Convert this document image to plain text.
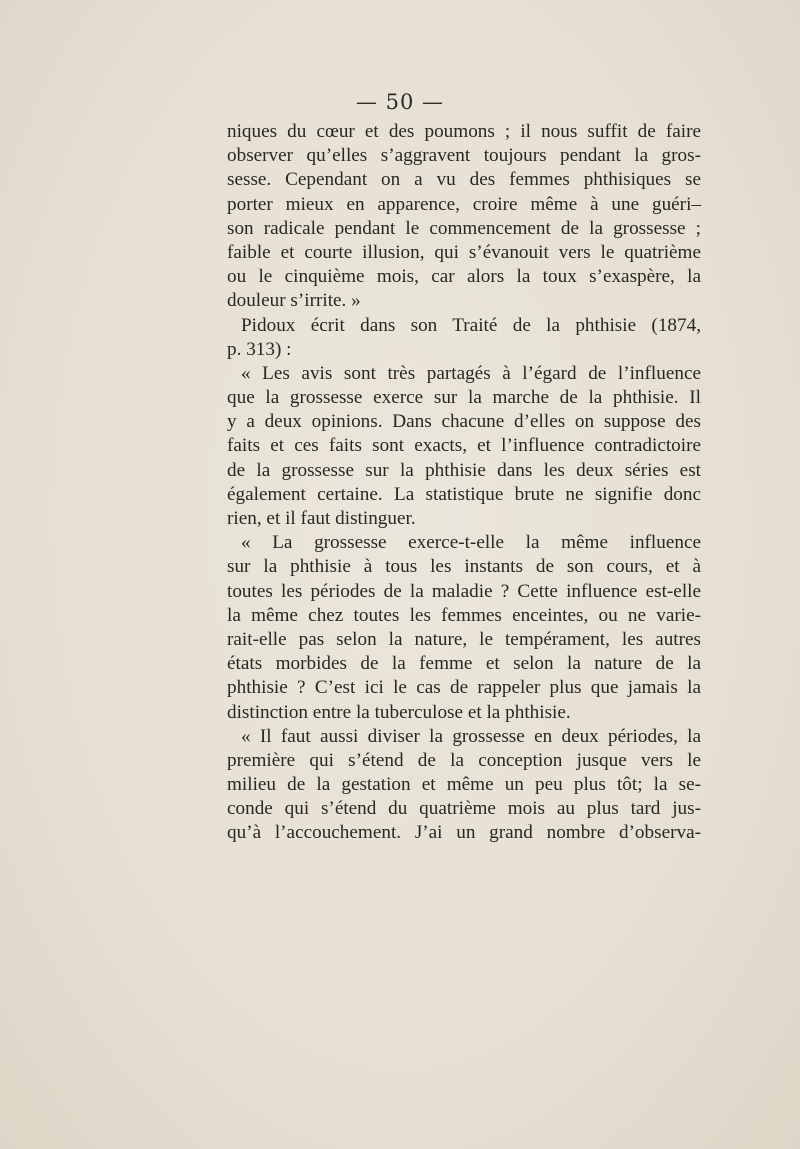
— 50 —
niques du cœur et des poumons ; il nous suffit de faire
observer qu’elles s’aggravent toujours pendant la gros-
sesse. Cependant on a vu des femmes phthisiques se
porter mieux en apparence, croire même à une guéri–
son radicale pendant le commencement de la grossesse ;
faible et courte illusion, qui s’évanouit vers le quatrième
ou le cinquième mois, car alors la toux s’exaspère, la
douleur s’irrite. »
Pidoux écrit dans son Traité de la phthisie (1874,
p. 313) :
« Les avis sont très partagés à l’égard de l’influence
que la grossesse exerce sur la marche de la phthisie. Il
y a deux opinions. Dans chacune d’elles on suppose des
faits et ces faits sont exacts, et l’influence contradictoire
de la grossesse sur la phthisie dans les deux séries est
également certaine. La statistique brute ne signifie donc
rien, et il faut distinguer.
« La grossesse exerce-t-elle la même influence
sur la phthisie à tous les instants de son cours, et à
toutes les périodes de la maladie ? Cette influence est-elle
la même chez toutes les femmes enceintes, ou ne varie-
rait-elle pas selon la nature, le tempérament, les autres
états morbides de la femme et selon la nature de la
phthisie ? C’est ici le cas de rappeler plus que jamais la
distinction entre la tuberculose et la phthisie.
« Il faut aussi diviser la grossesse en deux périodes, la
première qui s’étend de la conception jusque vers le
milieu de la gestation et même un peu plus tôt; la se-
conde qui s’étend du quatrième mois au plus tard jus-
qu’à l’accouchement. J’ai un grand nombre d’observa-
